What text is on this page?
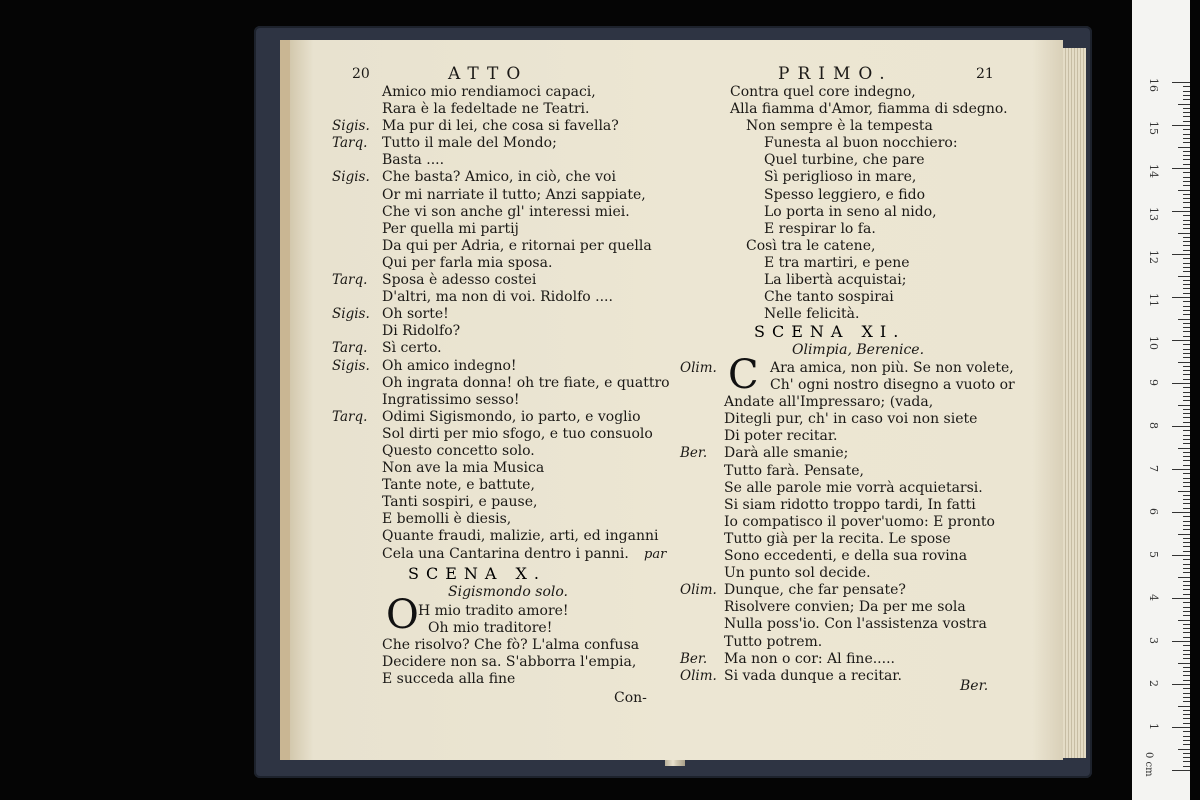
20	ATTO
Amico mio rendiamoci capaci,
Rara è la fedeltade ne Teatri.
Sigis. Ma pur di lei, che cosa si favella?
Tarq. Tutto il male del Mondo;
Basta ....
Sigis. Che basta? Amico, in ciò, che voi
Or mi narriate il tutto; Anzi sappiate,
Che vi son anche gl' interessi miei.
Per quella mi partij
Da qui per Adria, e ritornai per quella
Qui per farla mia sposa.
Tarq. Sposa è adesso costei
D'altri, ma non di voi. Ridolfo ....
Sigis. Oh sorte!
Di Ridolfo?
Tarq. Sì certo.
Sigis. Oh amico indegno!
Oh ingrata donna! oh tre fiate, e quattro
Ingratissimo sesso!
Tarq. Odimi Sigismondo, io parto, e voglio
Sol dirti per mio sfogo, e tuo consuolo
Questo concetto solo.
Non ave la mia Musica
Tante note, e battute,
Tanti sospiri, e pause,
E bemolli è diesis,
Quante fraudi, malizie, arti, ed inganni
Cela una Cantarina dentro i panni. par
SCENA X.
Sigismondo solo.
O H mio tradito amore!
Oh mio traditore!
Che risolvo? Che fò? L'alma confusa
Decidere non sa. S'abborra l'empia,
E succeda alla fine
Con-
PRIMO.	21
Contra quel core indegno,
Alla fiamma d'Amor, fiamma di sdegno.
Non sempre è la tempesta
Funesta al buon nocchiero:
Quel turbine, che pare
Sì periglioso in mare,
Spesso leggiero, e fido
Lo porta in seno al nido,
E respirar lo fa.
Così tra le catene,
E tra martiri, e pene
La libertà acquistai;
Che tanto sospirai
Nelle felicità.
SCENA XI.
Olimpia, Berenice.
C
Olim.	Ara amica, non più. Se non volete,
Ch' ogni nostro disegno a vuoto or
Andate all'Impressaro; (vada,
Ditegli pur, ch' in caso voi non siete
Di poter recitar.
Ber. Darà alle smanie;
Tutto farà. Pensate,
Se alle parole mie vorrà acquietarsi.
Si siam ridotto troppo tardi, In fatti
Io compatisco il pover'uomo: E pronto
Tutto già per la recita. Le spose
Sono eccedenti, e della sua rovina
Un punto sol decide.
Olim. Dunque, che far pensate?
Risolvere convien; Da per me sola
Nulla poss'io. Con l'assistenza vostra
Tutto potrem.
Ber. Ma non o cor: Al fine.....
Olim. Si vada dunque a recitar.
Ber.
0 cm
1
2
3
4
5
6
7
8
9
10
11
12
13
14
15
16
